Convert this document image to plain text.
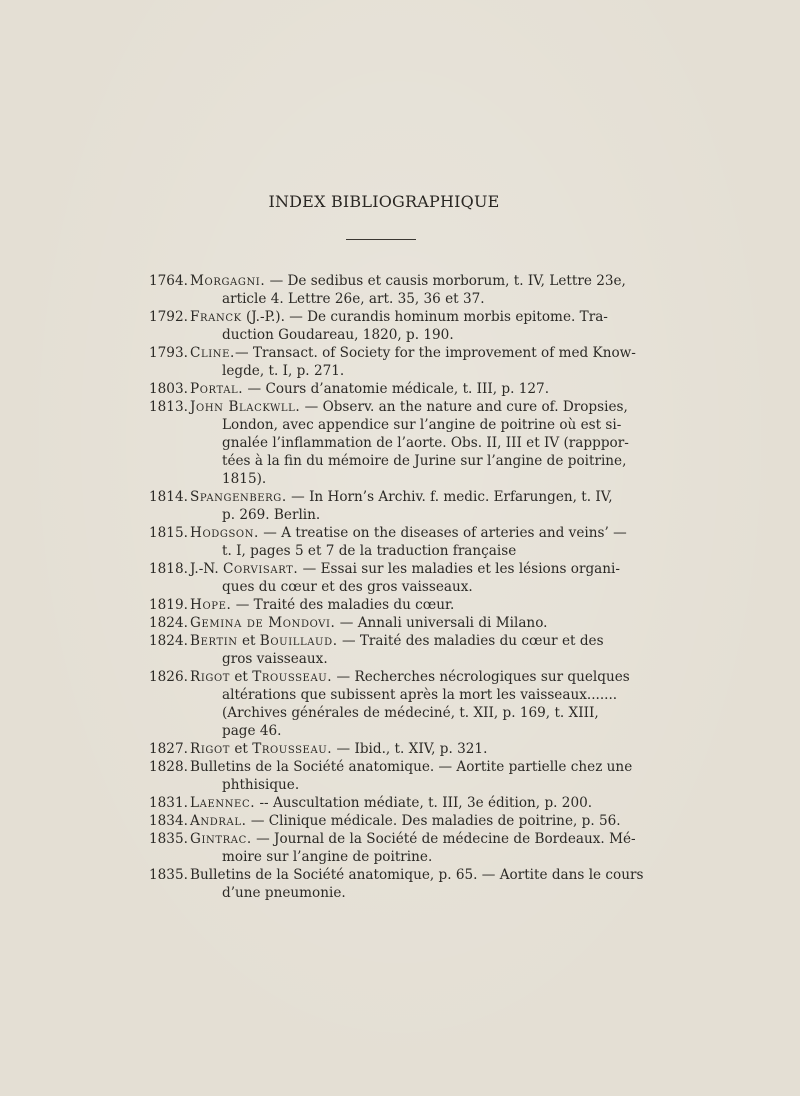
INDEX BIBLIOGRAPHIQUE
1764. Morgagni. — De sedibus et causis morborum, t. IV, Lettre 23e,
article 4. Lettre 26e, art. 35, 36 et 37.
1792. Franck (J.-P.). — De curandis hominum morbis epitome. Tra-
duction Goudareau, 1820, p. 190.
1793. Cline.— Transact. of Society for the improvement of med Know-
legde, t. I, p. 271.
1803. Portal. — Cours d’anatomie médicale, t. III, p. 127.
1813. John Blackwll. — Observ. an the nature and cure of. Dropsies,
London, avec appendice sur l’angine de poitrine où est si-
gnalée l’inflammation de l’aorte. Obs. II, III et IV (rapppor-
tées à la fin du mémoire de Jurine sur l’angine de poitrine,
1815).
1814. Spangenberg. — In Horn’s Archiv. f. medic. Erfarungen, t. IV,
p. 269. Berlin.
1815. Hodgson. — A treatise on the diseases of arteries and veins’ —
t. I, pages 5 et 7 de la traduction française
1818. J.-N. Corvisart. — Essai sur les maladies et les lésions organi-
ques du cœur et des gros vaisseaux.
1819. Hope. — Traité des maladies du cœur.
1824. Gemina de Mondovi. — Annali universali di Milano.
1824. Bertin et Bouillaud. — Traité des maladies du cœur et des
gros vaisseaux.
1826. Rigot et Trousseau. — Recherches nécrologiques sur quelques
altérations que subissent après la mort les vaisseaux.......
(Archives générales de médeciné, t. XII, p. 169, t. XIII,
page 46.
1827. Rigot et Trousseau. — Ibid., t. XIV, p. 321.
1828. Bulletins de la Société anatomique. — Aortite partielle chez une
phthisique.
1831. Laennec. -- Auscultation médiate, t. III, 3e édition, p. 200.
1834. Andral. — Clinique médicale. Des maladies de poitrine, p. 56.
1835. Gintrac. — Journal de la Société de médecine de Bordeaux. Mé-
moire sur l’angine de poitrine.
1835. Bulletins de la Société anatomique, p. 65. — Aortite dans le cours
d’une pneumonie.
